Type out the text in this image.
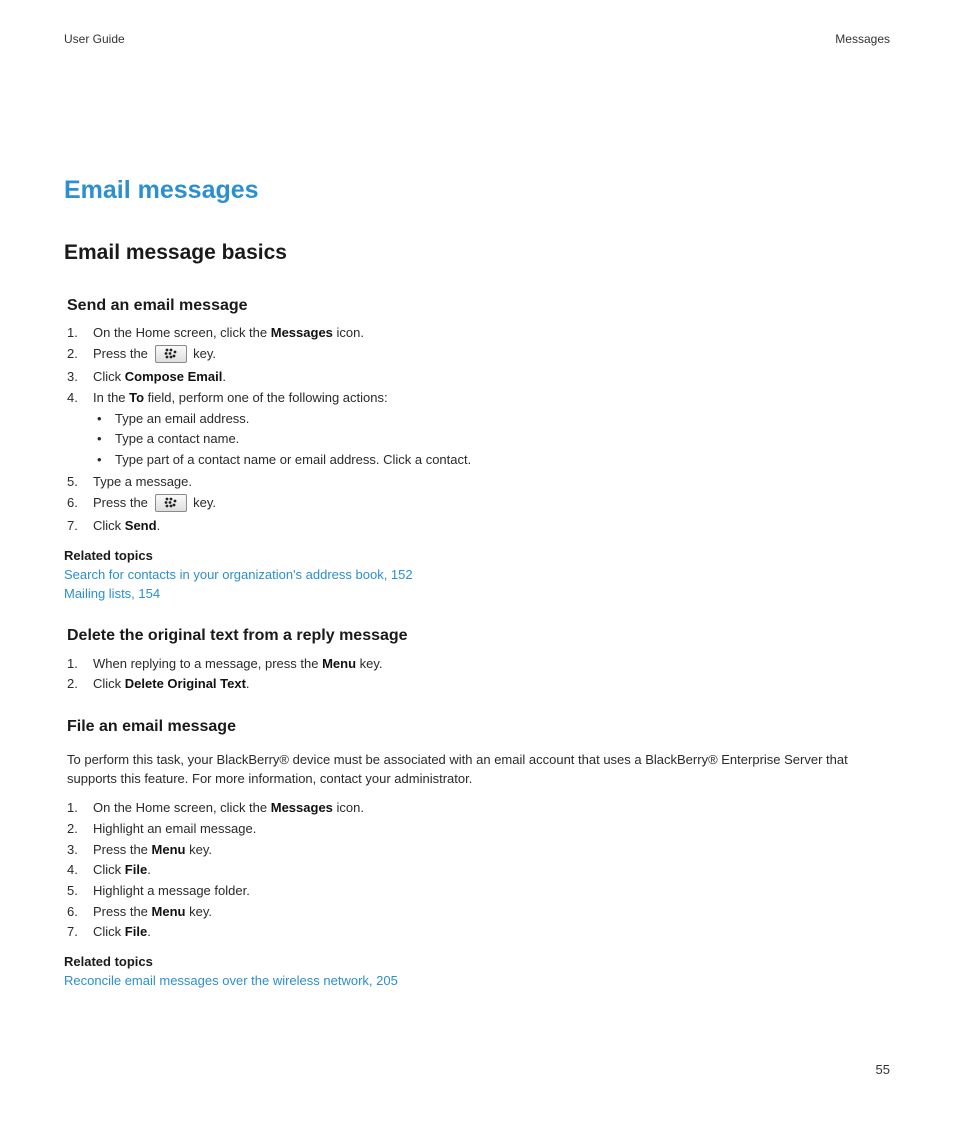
User Guide	Messages
Email messages
Email message basics
Send an email message
1. On the Home screen, click the Messages icon.
2. Press the	key.
3. Click Compose Email.
4. In the To field, perform one of the following actions:
• Type an email address.
• Type a contact name.
• Type part of a contact name or email address. Click a contact.
5. Type a message.
6. Press the	key.
7. Click Send.
Related topics
Search for contacts in your organization's address book, 152
Mailing lists, 154
Delete the original text from a reply message
1. When replying to a message, press the Menu key.
2. Click Delete Original Text.
File an email message
To perform this task, your BlackBerry® device must be associated with an email account that uses a BlackBerry® Enterprise Server that supports this feature. For more information, contact your administrator.
1. On the Home screen, click the Messages icon.
2. Highlight an email message.
3. Press the Menu key.
4. Click File.
5. Highlight a message folder.
6. Press the Menu key.
7. Click File.
Related topics
Reconcile email messages over the wireless network, 205
55
